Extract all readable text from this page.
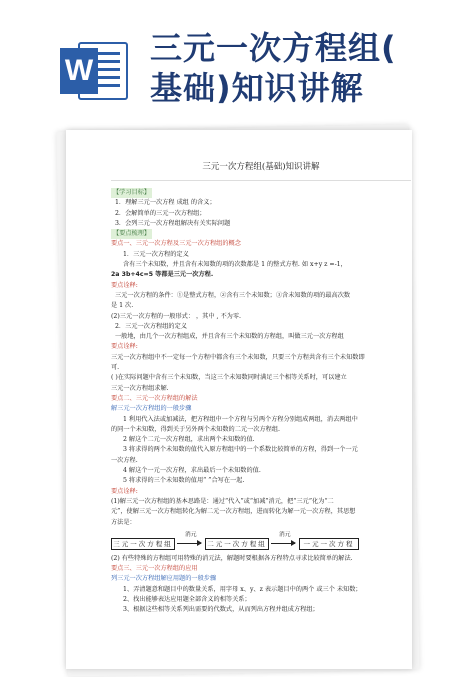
W
三元一次方程组(
基础)知识讲解
三元一次方程组(基础)知识讲解
【学习目标】
1．理解三元一次方程 成组 的含义；
2．会解简单的三元一次方程组；
3．会列三元一次方程组解决有关实际问题
【要点梳理】
要点一、三元一次方程及三元一次方程组的概念
1．三元一次方程的定义
含有三个未知数，并且含有未知数的项的次数都是 1 的整式方程. 如 x+y z =-1，
2a 3b+4c=5 等都是三元一次方程.
要点诠释:
三元一次方程的条件：①是整式方程，②含有三个未知数；③含未知数的项的最高次数
是 1 次.
(2)三元一次方程的一般形式： ，其中 , 不为零.
2．三元一次方程组的定义
一般地，由几个一次方程组成，并且含有三个未知数的方程组，叫做三元一次方程组
要点诠释:
三元一次方程组中不一定每一个方程中都含有三个未知数，只要三个方程共含有三个未知数即
可.
( )在实际问题中含有三个未知数，当这三个未知数同时满足三个相等关系时，可以建立
三元一次方程组求解.
要点二、三元一次方程组的解法
解三元一次方程组的一般步骤
1 利用代入法或加减法，把方程组中一个方程与另两个方程分别组成两组，消去两组中
的同一个未知数，得到关于另外两个未知数的二元一次方程组.
2 解这个二元一次方程组，求出两个未知数的值.
3 将求得的两个未知数的值代入原方程组中的一个系数比较简单的方程，得到一个一元
一次方程.
4 解这个一元一次方程，求出最后一个未知数的值.
5 将求得的三个未知数的值用“ ”合写在一起.
要点诠释:
(1)解三元一次方程组的基本思路是：通过“代入”或“加减”消元，把“三元”化为“二
元”，使解三元一次方程组转化为解二元一次方程组，进而转化为解一元一次方程，其思想
方法是：
三元一次方程组
消元
二元一次方程组
消元
一元一次方程
(2) 有些特殊的方程组可用特殊的消元法，解题时要根据各方程特点寻求比较简单的解法.
要点三、三元一次方程组的应用
列三元一次方程组解应用题的一般步骤
1、弄清题意和题目中的数量关系，用字母 x、y、z 表示题目中的两个 或三个 未知数；
2、找出能够表达应用题全部含义的相等关系；
3、根据这些相等关系列出需要的代数式，从而列出方程并组成方程组；
